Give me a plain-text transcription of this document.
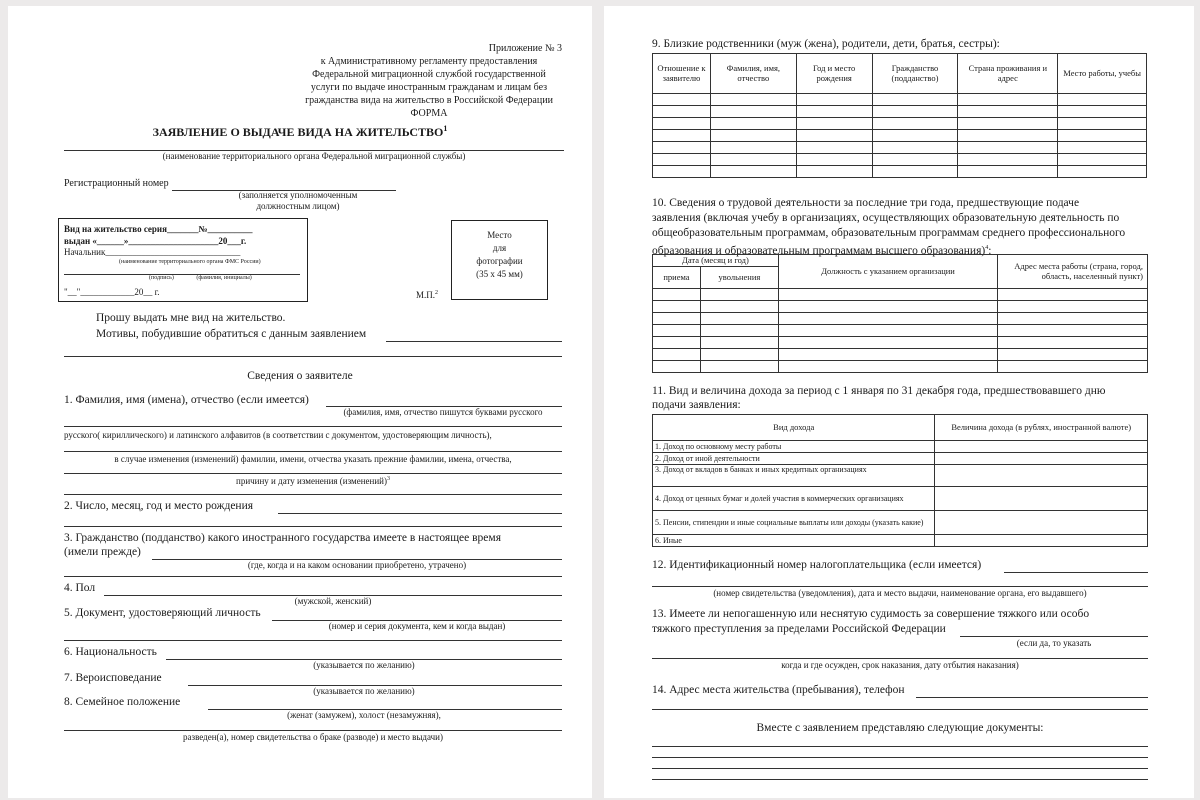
Приложение № 3
к Административному регламенту предоставления
Федеральной миграционной службой государственной
услуги по выдаче иностранным гражданам и лицам без
гражданства вида на жительство в Российской Федерации
ФОРМА
ЗАЯВЛЕНИЕ О ВЫДАЧЕ ВИДА НА ЖИТЕЛЬСТВО$^1$
(наименование территориального органа Федеральной миграционной службы)
Регистрационный номер
(заполняется уполномоченным
должностным лицом)
Вид на жительство серия_______№__________
выдан «______»____________________20___г.
Начальник______________________________
(наименование территориального органа ФМС России)
(подпись)               (фамилия, инициалы)
"__"____________20__ г.
Место
для
фотографии
(35 х 45 мм)
М.П.$^2$
Прошу выдать мне вид на жительство.
Мотивы, побудившие обратиться с данным заявлением
Сведения о заявителе
1. Фамилия, имя (имена), отчество (если имеется)
(фамилия, имя, отчество пишутся буквами русского
русского( кириллического) и латинского алфавитов (в соответствии с документом, удостоверяющим личность),
в случае изменения (изменений) фамилии, имени, отчества указать прежние фамилии, имена, отчества,
причину и дату изменения (изменений)$^3$
2. Число, месяц, год и место рождения
3. Гражданство (подданство) какого иностранного государства имеете в настоящее время
(имели прежде)
(где, когда и на каком основании приобретено, утрачено)
4. Пол
(мужской, женский)
5. Документ, удостоверяющий личность
(номер и серия документа, кем и когда выдан)
6. Национальность
(указывается по желанию)
7. Вероисповедание
(указывается по желанию)
8. Семейное положение
(женат (замужем), холост (незамужняя),
разведен(а), номер свидетельства о браке (разводе) и место выдачи)
9. Близкие родственники (муж (жена), родители, дети, братья, сестры):
Отношение к заявителю	Фамилия, имя, отчество	Год и место рождения	Гражданство (подданство)	Страна проживания и адрес	Место работы, учебы

10. Сведения о трудовой деятельности за последние три года, предшествующие подаче
заявления (включая учебу в организациях, осуществляющих образовательную деятельность по
общеобразовательным программам, образовательным программам среднего профессионального
образования и образовательным программам высшего образования)$^4$:
Дата (месяц и год)		Должность с указанием организации	Адрес места работы (страна, город, область, населенный пункт)
приема	увольнения		

11. Вид и величина дохода за период с 1 января по 31 декабря года, предшествовавшего дню
подачи заявления:
Вид дохода	Величина дохода (в рублях, иностранной валюте)
1. Доход по основному месту работы	
2. Доход от иной деятельности	
3. Доход от вкладов в банках и иных кредитных организациях	
4. Доход от ценных бумаг и долей участия в коммерческих организациях	
5. Пенсии, стипендии и иные социальные выплаты или доходы (указать какие)	
6. Иные	
12. Идентификационный номер налогоплательщика (если имеется)
(номер свидетельства (уведомления), дата и место выдачи, наименование органа, его выдавшего)
13. Имеете ли непогашенную или неснятую судимость за совершение тяжкого или особо
тяжкого преступления за пределами Российской Федерации
(если да, то указать
когда и где осужден, срок наказания, дату отбытия наказания)
14. Адрес места жительства (пребывания), телефон
Вместе с заявлением представляю следующие документы:
